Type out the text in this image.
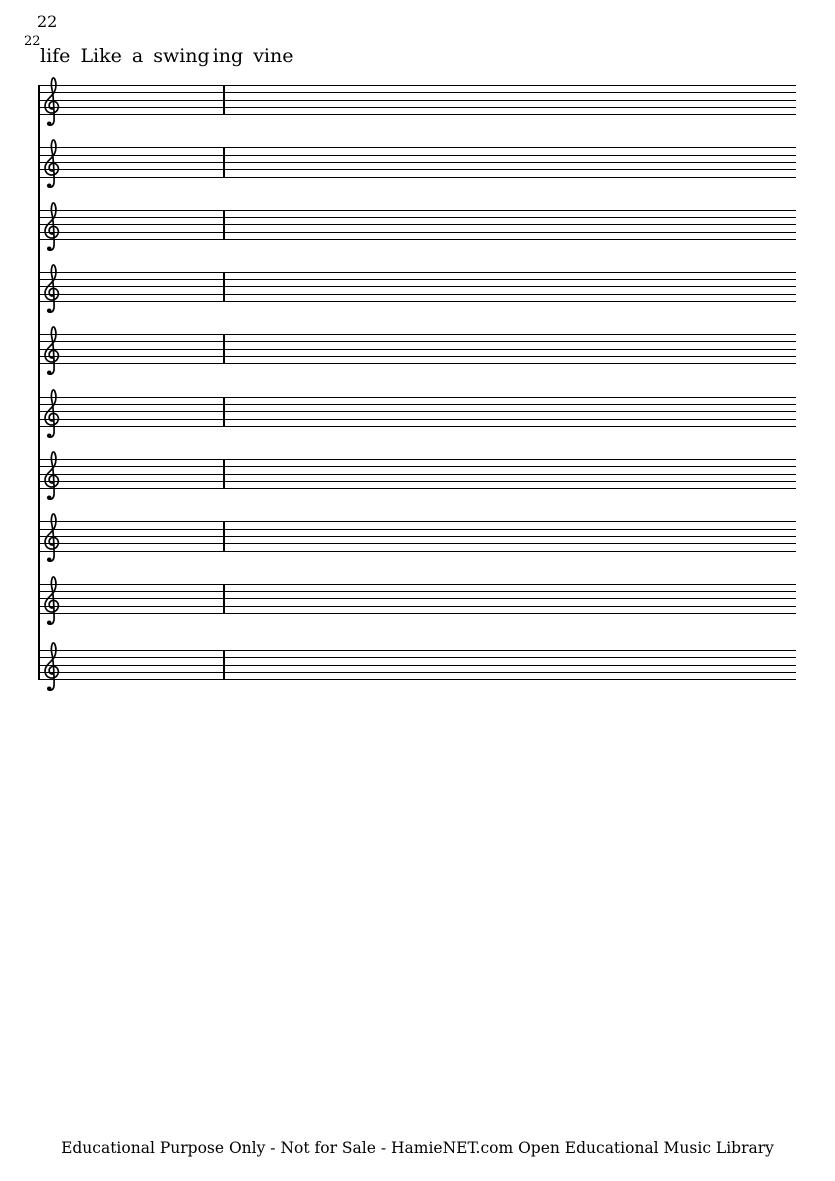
22
22
life Like a swing ing vine
Educational Purpose Only - Not for Sale - HamieNET.com Open Educational Music Library
